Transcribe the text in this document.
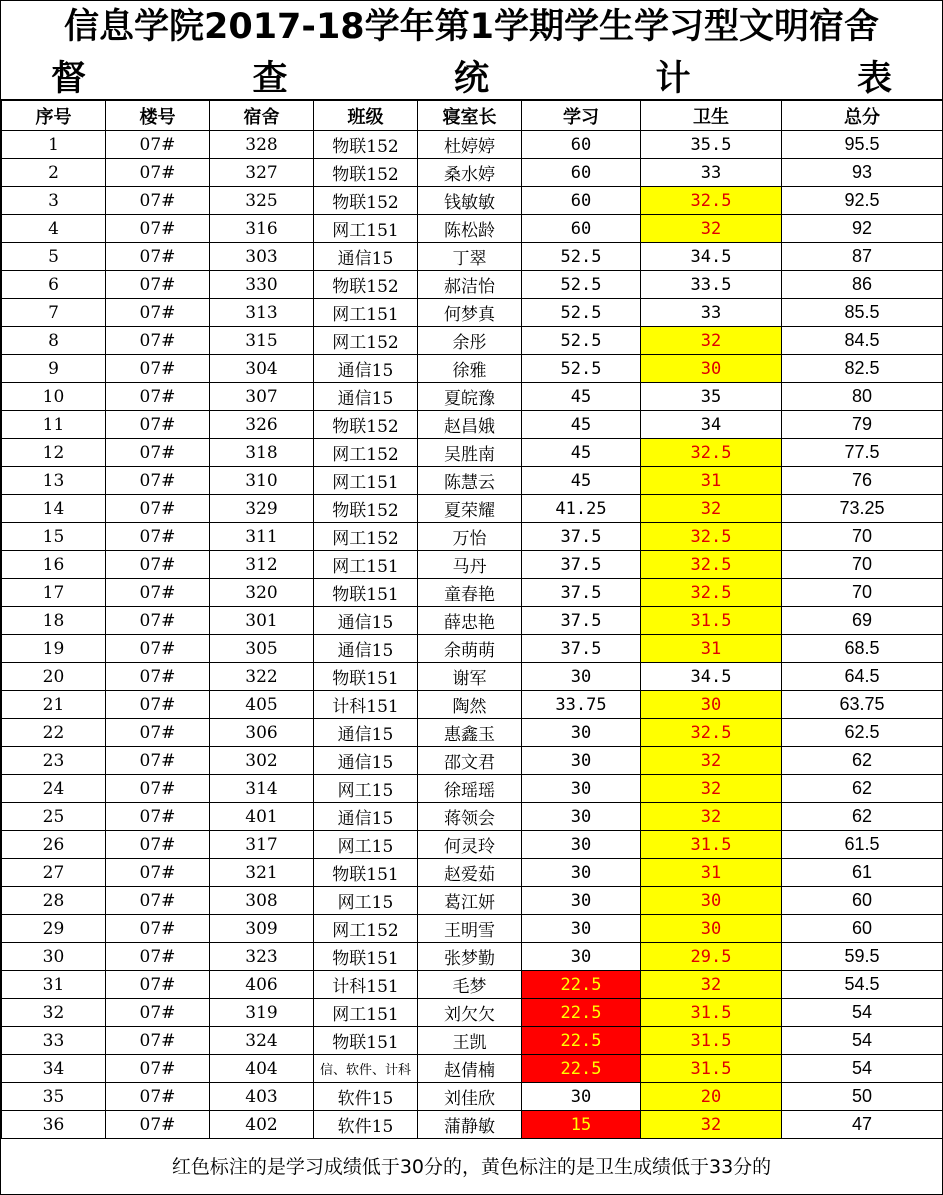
信息学院2017-18学年第1学期学生学习型文明宿舍
督	查	统	计	表
序号	楼号	宿舍	班级	寝室长	学习	卫生	总分
1	07#	328	物联152	杜婷婷	60	35.5	95.5
2	07#	327	物联152	桑水婷	60	33	93
3	07#	325	物联152	钱敏敏	60	32.5	92.5
4	07#	316	网工151	陈松龄	60	32	92
5	07#	303	通信15	丁翠	52.5	34.5	87
6	07#	330	物联152	郝洁怡	52.5	33.5	86
7	07#	313	网工151	何梦真	52.5	33	85.5
8	07#	315	网工152	余彤	52.5	32	84.5
9	07#	304	通信15	徐雅	52.5	30	82.5
10	07#	307	通信15	夏皖豫	45	35	80
11	07#	326	物联152	赵昌娥	45	34	79
12	07#	318	网工152	吴胜南	45	32.5	77.5
13	07#	310	网工151	陈慧云	45	31	76
14	07#	329	物联152	夏荣耀	41.25	32	73.25
15	07#	311	网工152	万怡	37.5	32.5	70
16	07#	312	网工151	马丹	37.5	32.5	70
17	07#	320	物联151	童春艳	37.5	32.5	70
18	07#	301	通信15	薛忠艳	37.5	31.5	69
19	07#	305	通信15	余萌萌	37.5	31	68.5
20	07#	322	物联151	谢军	30	34.5	64.5
21	07#	405	计科151	陶然	33.75	30	63.75
22	07#	306	通信15	惠鑫玉	30	32.5	62.5
23	07#	302	通信15	邵文君	30	32	62
24	07#	314	网工15	徐瑶瑶	30	32	62
25	07#	401	通信15	蒋领会	30	32	62
26	07#	317	网工15	何灵玲	30	31.5	61.5
27	07#	321	物联151	赵爱茹	30	31	61
28	07#	308	网工15	葛江妍	30	30	60
29	07#	309	网工152	王明雪	30	30	60
30	07#	323	物联151	张梦勤	30	29.5	59.5
31	07#	406	计科151	毛梦	22.5	32	54.5
32	07#	319	网工151	刘欠欠	22.5	31.5	54
33	07#	324	物联151	王凯	22.5	31.5	54
34	07#	404	信、软件、计科	赵倩楠	22.5	31.5	54
35	07#	403	软件15	刘佳欣	30	20	50
36	07#	402	软件15	蒲静敏	15	32	47
红色标注的是学习成绩低于30分的，黄色标注的是卫生成绩低于33分的
